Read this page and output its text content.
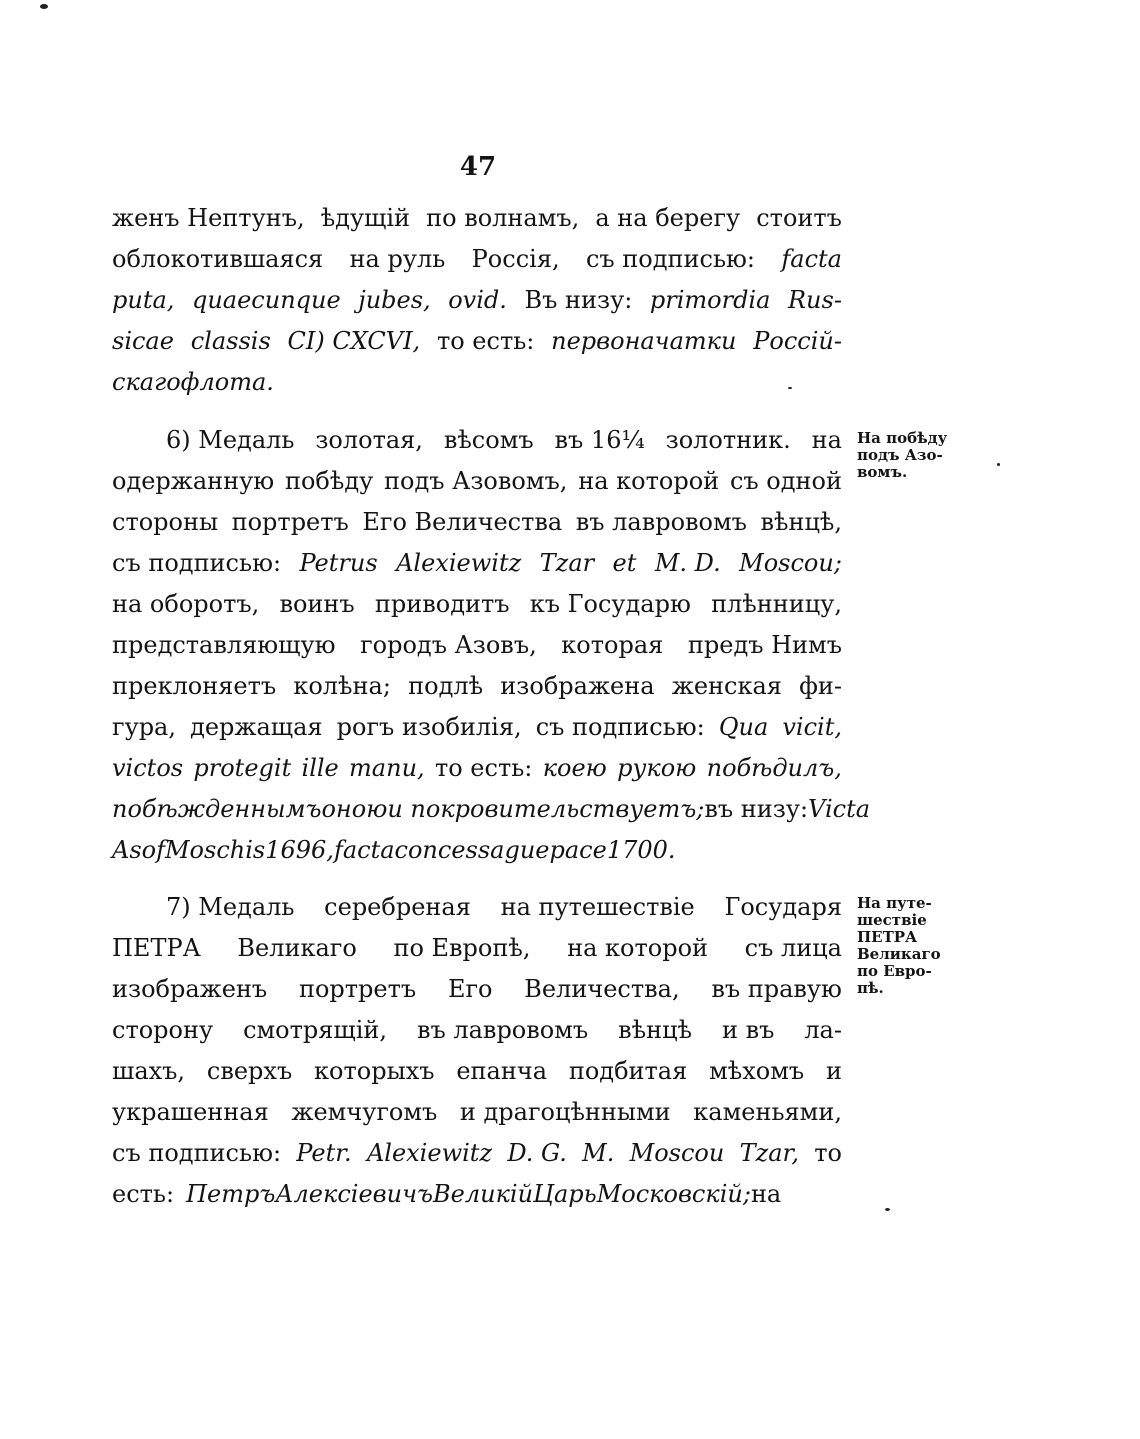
47
женъ Нептунъ, ѣдущій по волнамъ, а на берегу стоитъ
облокотившаяся на руль Россія, съ подписью: facta
puta, quaecunque jubes, ovid. Въ низу: primordia Rus-
sicae classis CI) CXCVI, то есть: первоначатки Россій-
скаго флота.
6) Медаль золотая, вѣсомъ въ 16¼ золотник. на
одержанную побѣду подъ Азовомъ, на которой съ одной
стороны портретъ Его Величества въ лавровомъ вѣнцѣ,
съ подписью: Petrus Alexiewitz Tzar et M. D. Moscou;
на оборотъ, воинъ приводитъ къ Государю плѣнницу,
представляющую городъ Азовъ, которая предъ Нимъ
преклоняетъ колѣна; подлѣ изображена женская фи-
гура, держащая рогъ изобилія, съ подписью: Qua vicit,
victos protegit ille manu, то есть: коею рукою побѣдилъ,
побѣжденнымъ оною и покровительствуетъ; въ низу: Victa
Asof Moschis 1696, facta concessague pace 1700.
7) Медаль серебреная на путешествіе Государя
ПЕТРА Великаго по Европѣ, на которой съ лица
изображенъ портретъ Его Величества, въ правую
сторону смотрящій, въ лавровомъ вѣнцѣ и въ ла-
шахъ, сверхъ которыхъ епанча подбитая мѣхомъ и
украшенная жемчугомъ и драгоцѣнными каменьями,
съ подписью: Petr. Alexiewitz D. G. M. Moscou Tzar, то
есть: Петръ Алексіевичъ Великій Царь Московскій; на
На побѣду
подъ Азо-
вомъ.
На путе-
шествіе
ПЕТРА
Великаго
по Евро-
пѣ.
